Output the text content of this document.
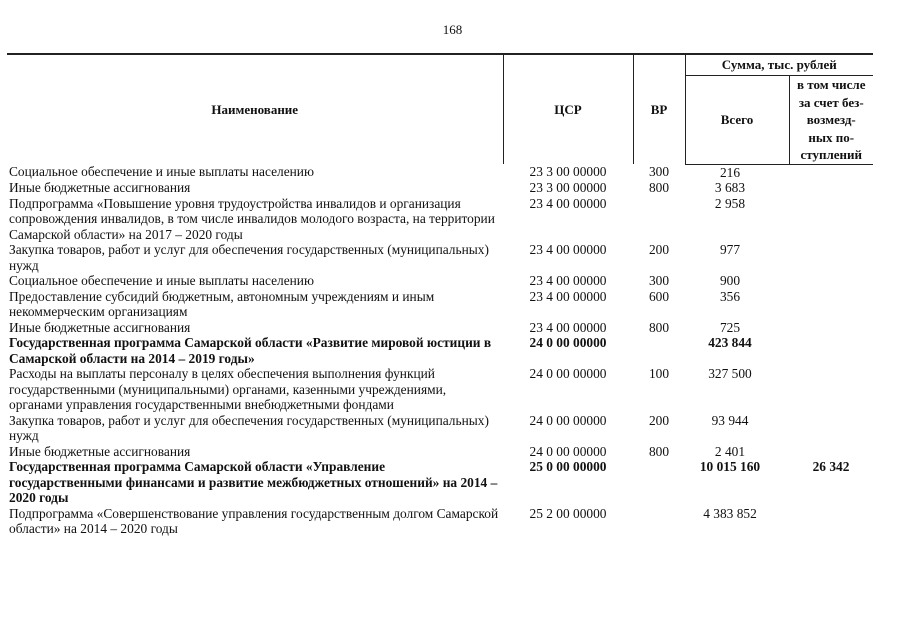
168
Наименование	ЦСР	ВР	Сумма, тыс. рублей	
			Всего	в том числе
за счет без-
возмезд-
ных по-
ступлений
Социальное обеспечение и иные выплаты населению	23 3 00 00000	300	216	
Иные бюджетные ассигнования	23 3 00 00000	800	3 683	
Подпрограмма «Повышение уровня трудоустройства инвалидов и организация сопровождения инвалидов, в том числе инвалидов молодого возраста, на территории Самарской области» на 2017 – 2020 годы	23 4 00 00000		2 958	
Закупка товаров, работ и услуг для обеспечения государственных (муниципальных) нужд	23 4 00 00000	200	977	
Социальное обеспечение и иные выплаты населению	23 4 00 00000	300	900	
Предоставление субсидий бюджетным, автономным учреждениям и иным некоммерческим организациям	23 4 00 00000	600	356	
Иные бюджетные ассигнования	23 4 00 00000	800	725	
Государственная программа Самарской области «Развитие мировой юстиции в Самарской области на 2014 – 2019 годы»	24 0 00 00000		423 844	
Расходы на выплаты персоналу в целях обеспечения выполнения функций государственными (муниципальными) органами, казенными учреждениями, органами управления государственными внебюджетными фондами	24 0 00 00000	100	327 500	
Закупка товаров, работ и услуг для обеспечения государственных (муниципальных) нужд	24 0 00 00000	200	93 944	
Иные бюджетные ассигнования	24 0 00 00000	800	2 401	
Государственная программа Самарской области «Управление государственными финансами и развитие межбюджетных отношений» на 2014 – 2020 годы	25 0 00 00000		10 015 160	26 342
Подпрограмма «Совершенствование управления государственным долгом Самарской области» на 2014 – 2020 годы	25 2 00 00000		4 383 852	
